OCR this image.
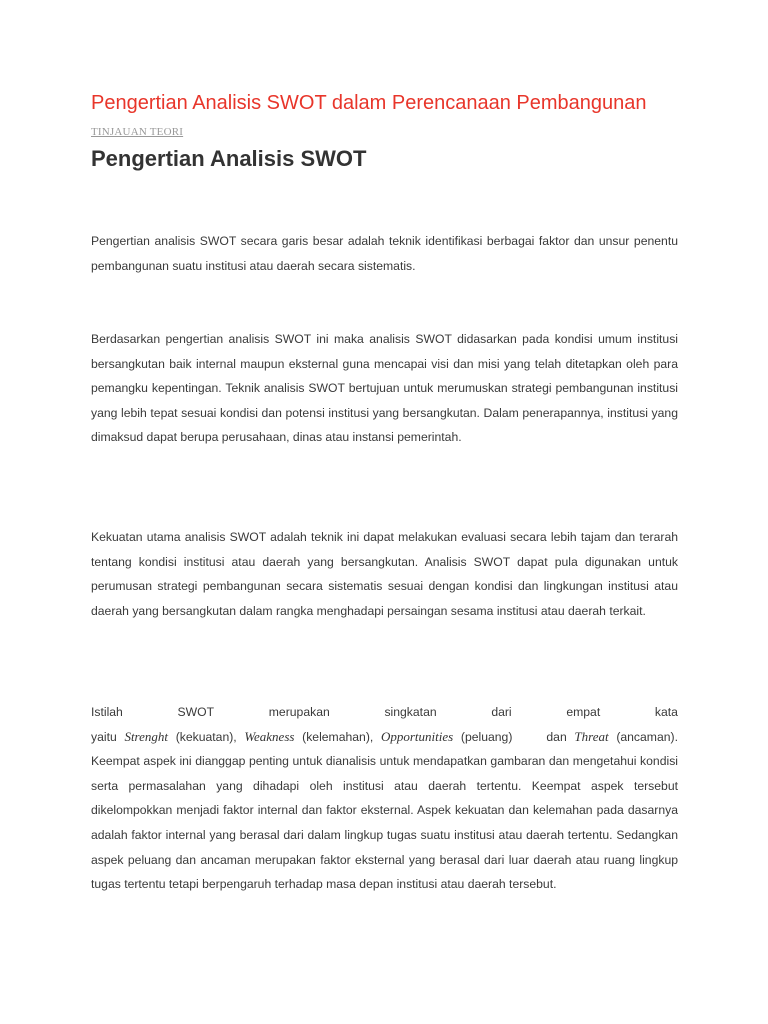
Pengertian Analisis SWOT dalam Perencanaan Pembangunan
TINJAUAN TEORI
Pengertian Analisis SWOT

Pengertian analisis SWOT secara garis besar adalah teknik identifikasi berbagai faktor dan unsur penentu pembangunan suatu institusi atau daerah secara sistematis.

Berdasarkan pengertian analisis SWOT ini maka analisis SWOT didasarkan pada kondisi umum institusi bersangkutan baik internal maupun eksternal guna mencapai visi dan misi yang telah ditetapkan oleh para pemangku kepentingan. Teknik analisis SWOT bertujuan untuk merumuskan strategi pembangunan institusi yang lebih tepat sesuai kondisi dan potensi institusi yang bersangkutan. Dalam penerapannya, institusi yang dimaksud dapat berupa perusahaan, dinas atau instansi pemerintah.

Kekuatan utama analisis SWOT adalah teknik ini dapat melakukan evaluasi secara lebih tajam dan terarah tentang kondisi institusi atau daerah yang bersangkutan. Analisis SWOT dapat pula digunakan untuk perumusan strategi pembangunan secara sistematis sesuai dengan kondisi dan lingkungan institusi atau daerah yang bersangkutan dalam rangka menghadapi persaingan sesama institusi atau daerah terkait.

Istilah	SWOT	merupakan	singkatan	dari	empat	kata
yaitu Strenght (kekuatan), Weakness (kelemahan), Opportunities (peluang)	dan Threat (ancaman). Keempat aspek ini dianggap penting untuk dianalisis untuk mendapatkan gambaran dan mengetahui kondisi serta permasalahan yang dihadapi oleh institusi atau daerah tertentu. Keempat aspek tersebut dikelompokkan menjadi faktor internal dan faktor eksternal. Aspek kekuatan dan kelemahan pada dasarnya adalah faktor internal yang berasal dari dalam lingkup tugas suatu institusi atau daerah tertentu. Sedangkan aspek peluang dan ancaman merupakan faktor eksternal yang berasal dari luar daerah atau ruang lingkup tugas tertentu tetapi berpengaruh terhadap masa depan institusi atau daerah tersebut.
